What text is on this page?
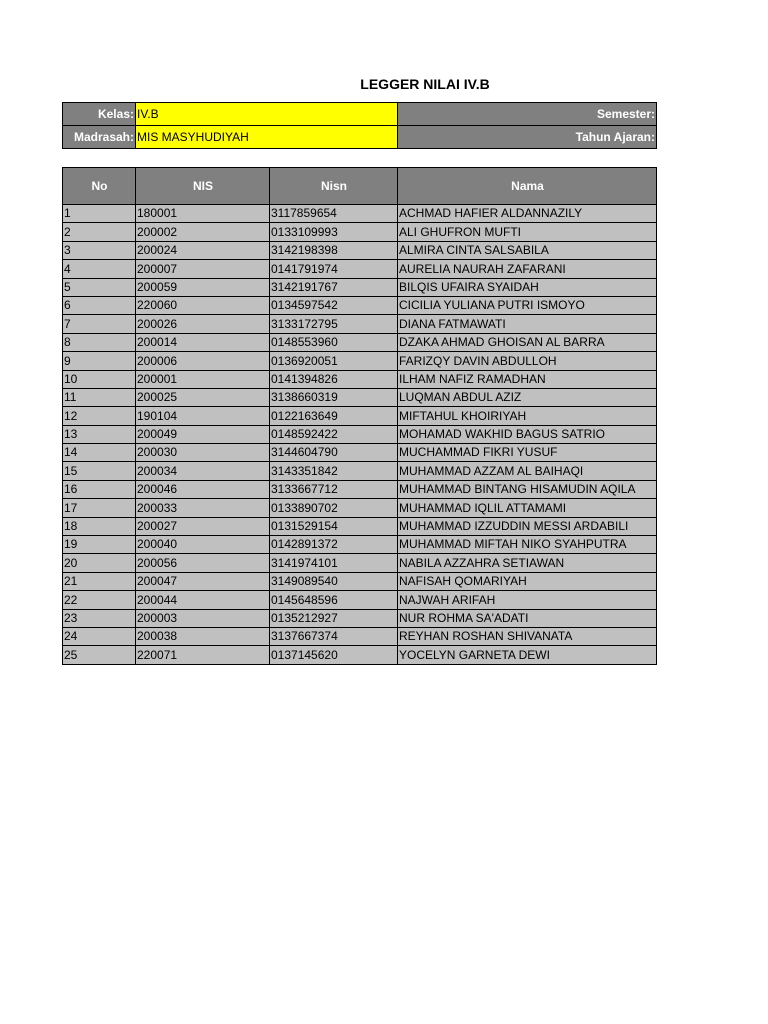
LEGGER NILAI IV.B
Kelas:	IV.B	Semester:
Madrasah:	MIS MASYHUDIYAH	Tahun Ajaran:
No	NIS	Nisn	Nama
1	180001	3117859654	ACHMAD HAFIER ALDANNAZILY
2	200002	0133109993	ALI GHUFRON MUFTI
3	200024	3142198398	ALMIRA CINTA SALSABILA
4	200007	0141791974	AURELIA NAURAH ZAFARANI
5	200059	3142191767	BILQIS UFAIRA SYAIDAH
6	220060	0134597542	CICILIA YULIANA PUTRI ISMOYO
7	200026	3133172795	DIANA FATMAWATI
8	200014	0148553960	DZAKA AHMAD GHOISAN AL BARRA
9	200006	0136920051	FARIZQY DAVIN ABDULLOH
10	200001	0141394826	ILHAM NAFIZ RAMADHAN
11	200025	3138660319	LUQMAN ABDUL AZIZ
12	190104	0122163649	MIFTAHUL KHOIRIYAH
13	200049	0148592422	MOHAMAD WAKHID BAGUS SATRIO
14	200030	3144604790	MUCHAMMAD FIKRI YUSUF
15	200034	3143351842	MUHAMMAD AZZAM AL BAIHAQI
16	200046	3133667712	MUHAMMAD BINTANG HISAMUDIN AQILA
17	200033	0133890702	MUHAMMAD IQLIL ATTAMAMI
18	200027	0131529154	MUHAMMAD IZZUDDIN MESSI ARDABILI
19	200040	0142891372	MUHAMMAD MIFTAH NIKO SYAHPUTRA
20	200056	3141974101	NABILA AZZAHRA SETIAWAN
21	200047	3149089540	NAFISAH QOMARIYAH
22	200044	0145648596	NAJWAH ARIFAH
23	200003	0135212927	NUR ROHMA SA'ADATI
24	200038	3137667374	REYHAN ROSHAN SHIVANATA
25	220071	0137145620	YOCELYN GARNETA DEWI
